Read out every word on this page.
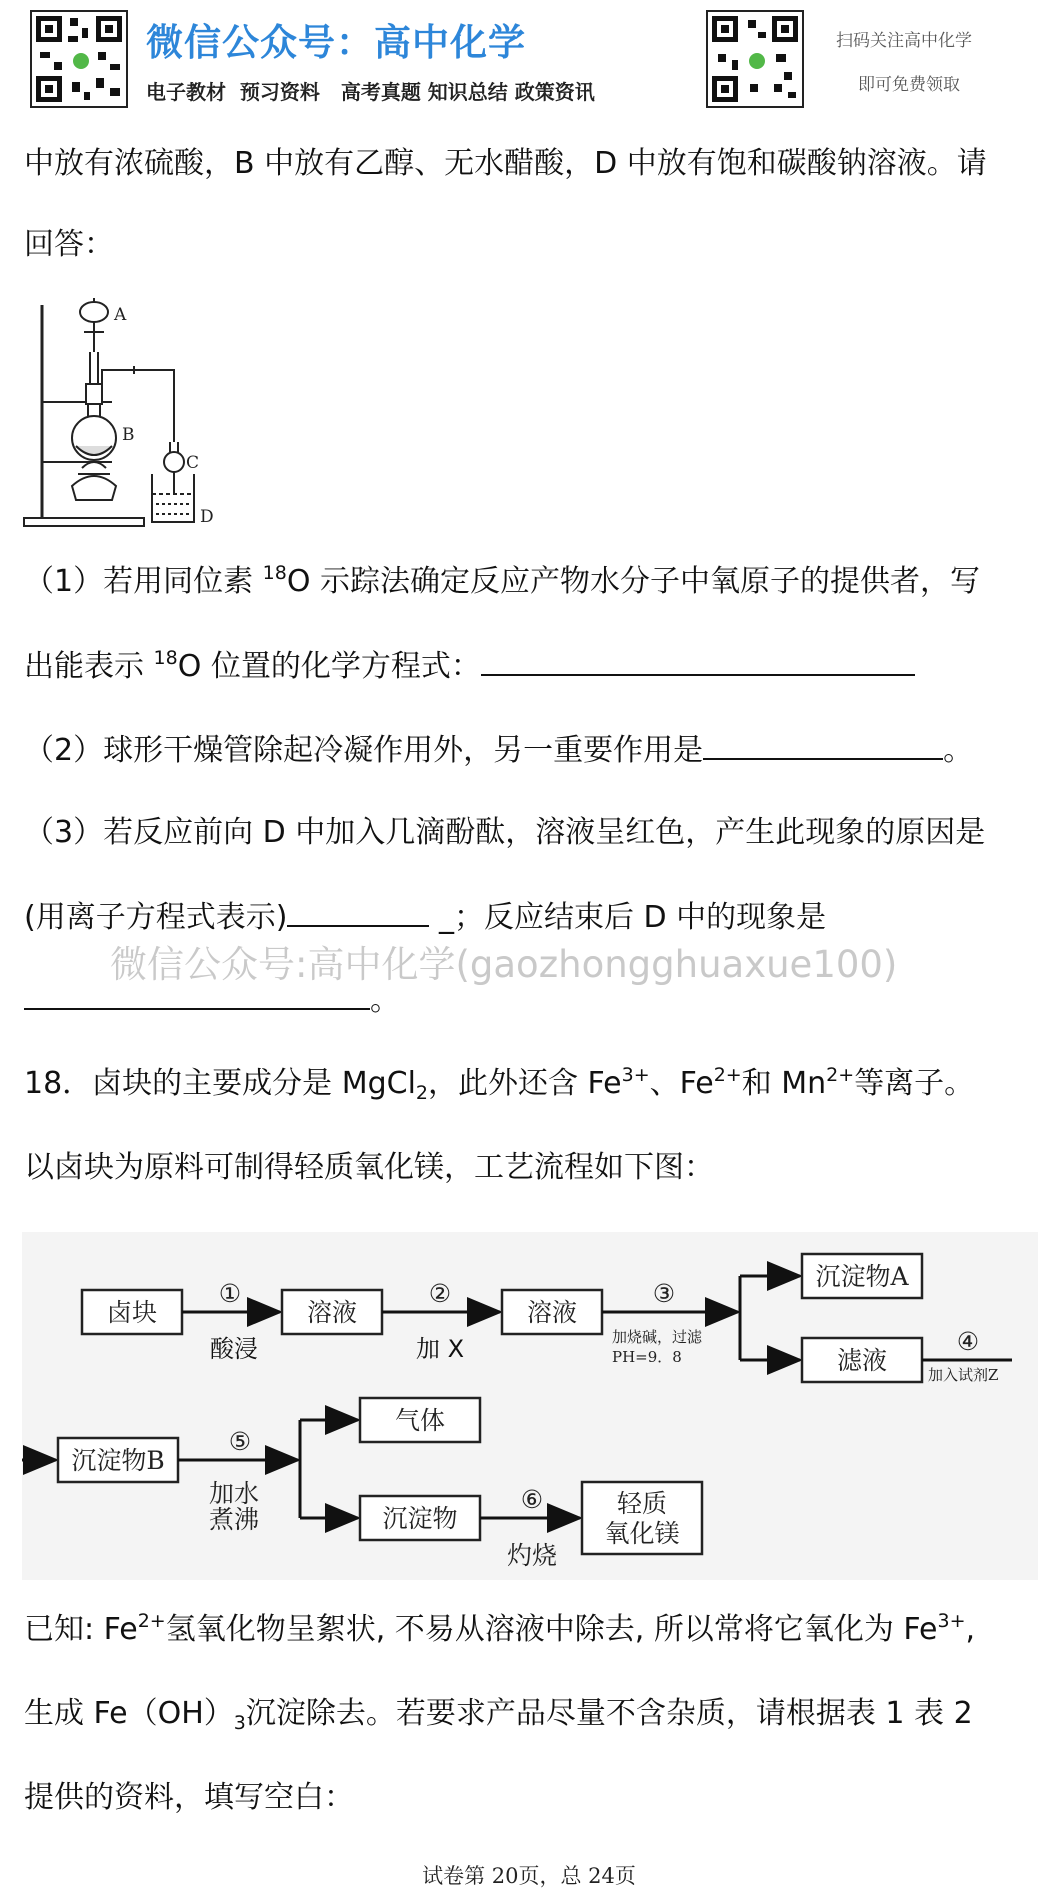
微信公众号：高中化学
电子教材  预习资料   高考真题 知识总结 政策资讯
扫码关注高中化学
即可免费领取
中放有浓硫酸，B 中放有乙醇、无水醋酸，D 中放有饱和碳酸钠溶液。请
回答：
A
B
C
D
（1）若用同位素 $^{18}$O 示踪法确定反应产物水分子中氧原子的提供者，写
出能表示 $^{18}$O 位置的化学方程式：
（2）球形干燥管除起冷凝作用外，另一重要作用是	。
（3）若反应前向 D 中加入几滴酚酞，溶液呈红色，产生此现象的原因是
(用离子方程式表示)	_；反应结束后 D 中的现象是
。
微信公众号:高中化学(gaozhongghuaxue100)
18．卤块的主要成分是 MgCl$_2$，此外还含 $Fe^{3+}$、$Fe^{2+}$和 $Mn^{2+}$等离子。
以卤块为原料可制得轻质氧化镁，工艺流程如下图：
卤块
①
酸浸
溶液
②
加 X
溶液
③
加烧碱，过滤
PH=9．8
沉淀物A
滤液
④
加入试剂Z
沉淀物B
⑤
加水
煮沸
气体
沉淀物
⑥
灼烧
轻质
氧化镁
已知: $Fe^{2+}$氢氧化物呈絮状, 不易从溶液中除去, 所以常将它氧化为 $Fe^{3+}$,
生成 $Fe(OH)_3$沉淀除去。若要求产品尽量不含杂质，请根据表 1 表 2
提供的资料，填写空白：
试卷第 20页，总 24页
